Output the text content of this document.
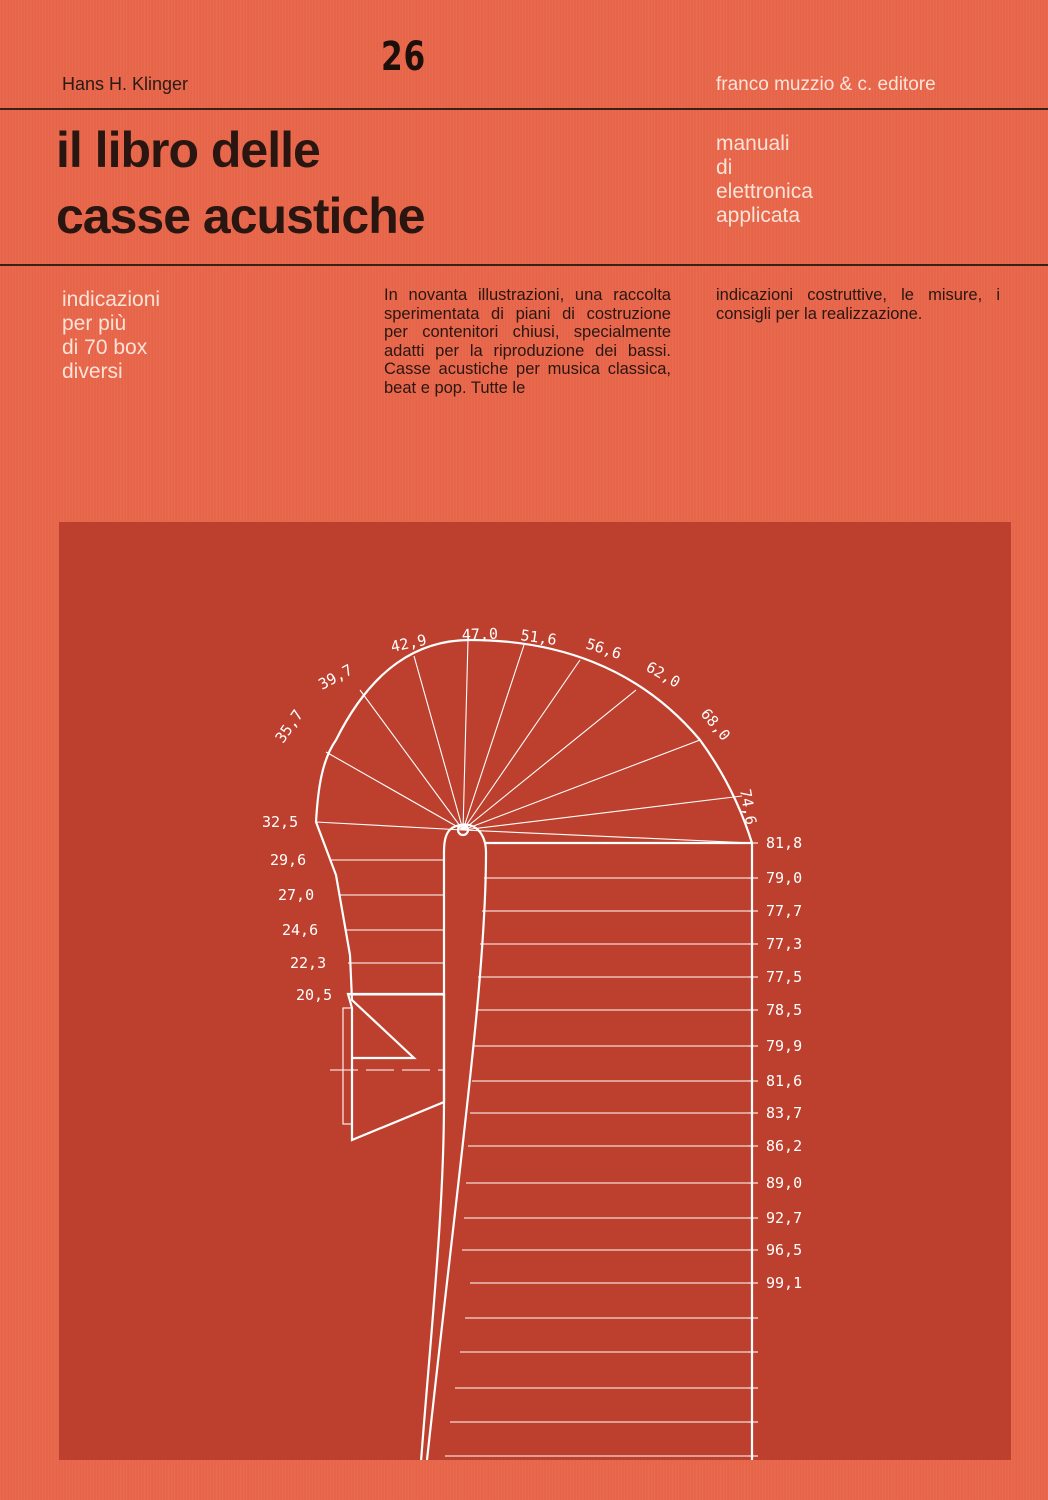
Hans H. Klinger
26
franco muzzio & c. editore
il libro delle
casse acustiche
manuali
di
elettronica
applicata
indicazioni
per più
di 70 box
diversi
In novanta illustrazioni, una raccolta sperimentata di piani di costruzione per contenitori chiusi, specialmente adatti per la riproduzione dei bassi. Casse acustiche per musica classica, beat e pop. Tutte le
indicazioni costruttive, le misure, i consigli per la realizzazione.
35,7
39,7
42,9 47,0 51,6 56,6
62,0
68,0
74,6
32,5
29,6
27,0
24,6
22,3
20,5
81,8
79,0
77,7
77,3
77,5
78,5
79,9
81,6
83,7
86,2
89,0
92,7
96,5
99,1
